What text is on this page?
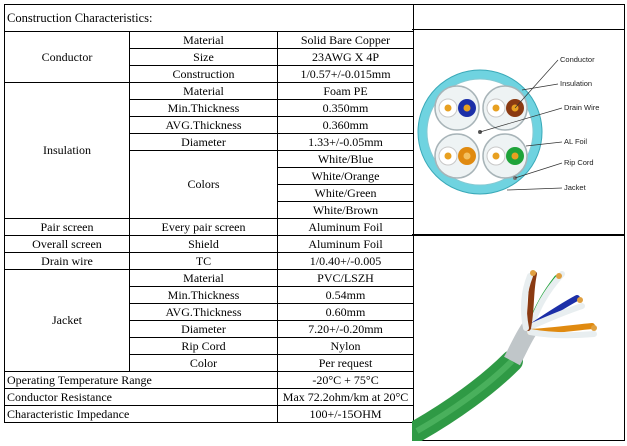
Construction Characteristics:		
Conductor	Material	Solid Bare Copper
	Size	23AWG X 4P
	Construction	1/0.57+/-0.015mm
Insulation	Material	Foam PE
	Min.Thickness	0.350mm
	AVG.Thickness	0.360mm
	Diameter	1.33+/-0.05mm
	Colors	White/Blue
		White/Orange
		White/Green
		White/Brown
Pair screen	Every pair screen	Aluminum Foil
Overall screen	Shield	Aluminum Foil
Drain wire	TC	1/0.40+/-0.005
Jacket	Material	PVC/LSZH
	Min.Thickness	0.54mm
	AVG.Thickness	0.60mm
	Diameter	7.20+/-0.20mm
	Rip Cord	Nylon
	Color	Per request
Operating Temperature Range		-20°C + 75°C
Conductor Resistance		Max 72.2ohm/km at 20°C
Characteristic Impedance		100+/-15OHM
Conductor
Insulation
Drain Wire
AL Foil
Rip Cord
Jacket
